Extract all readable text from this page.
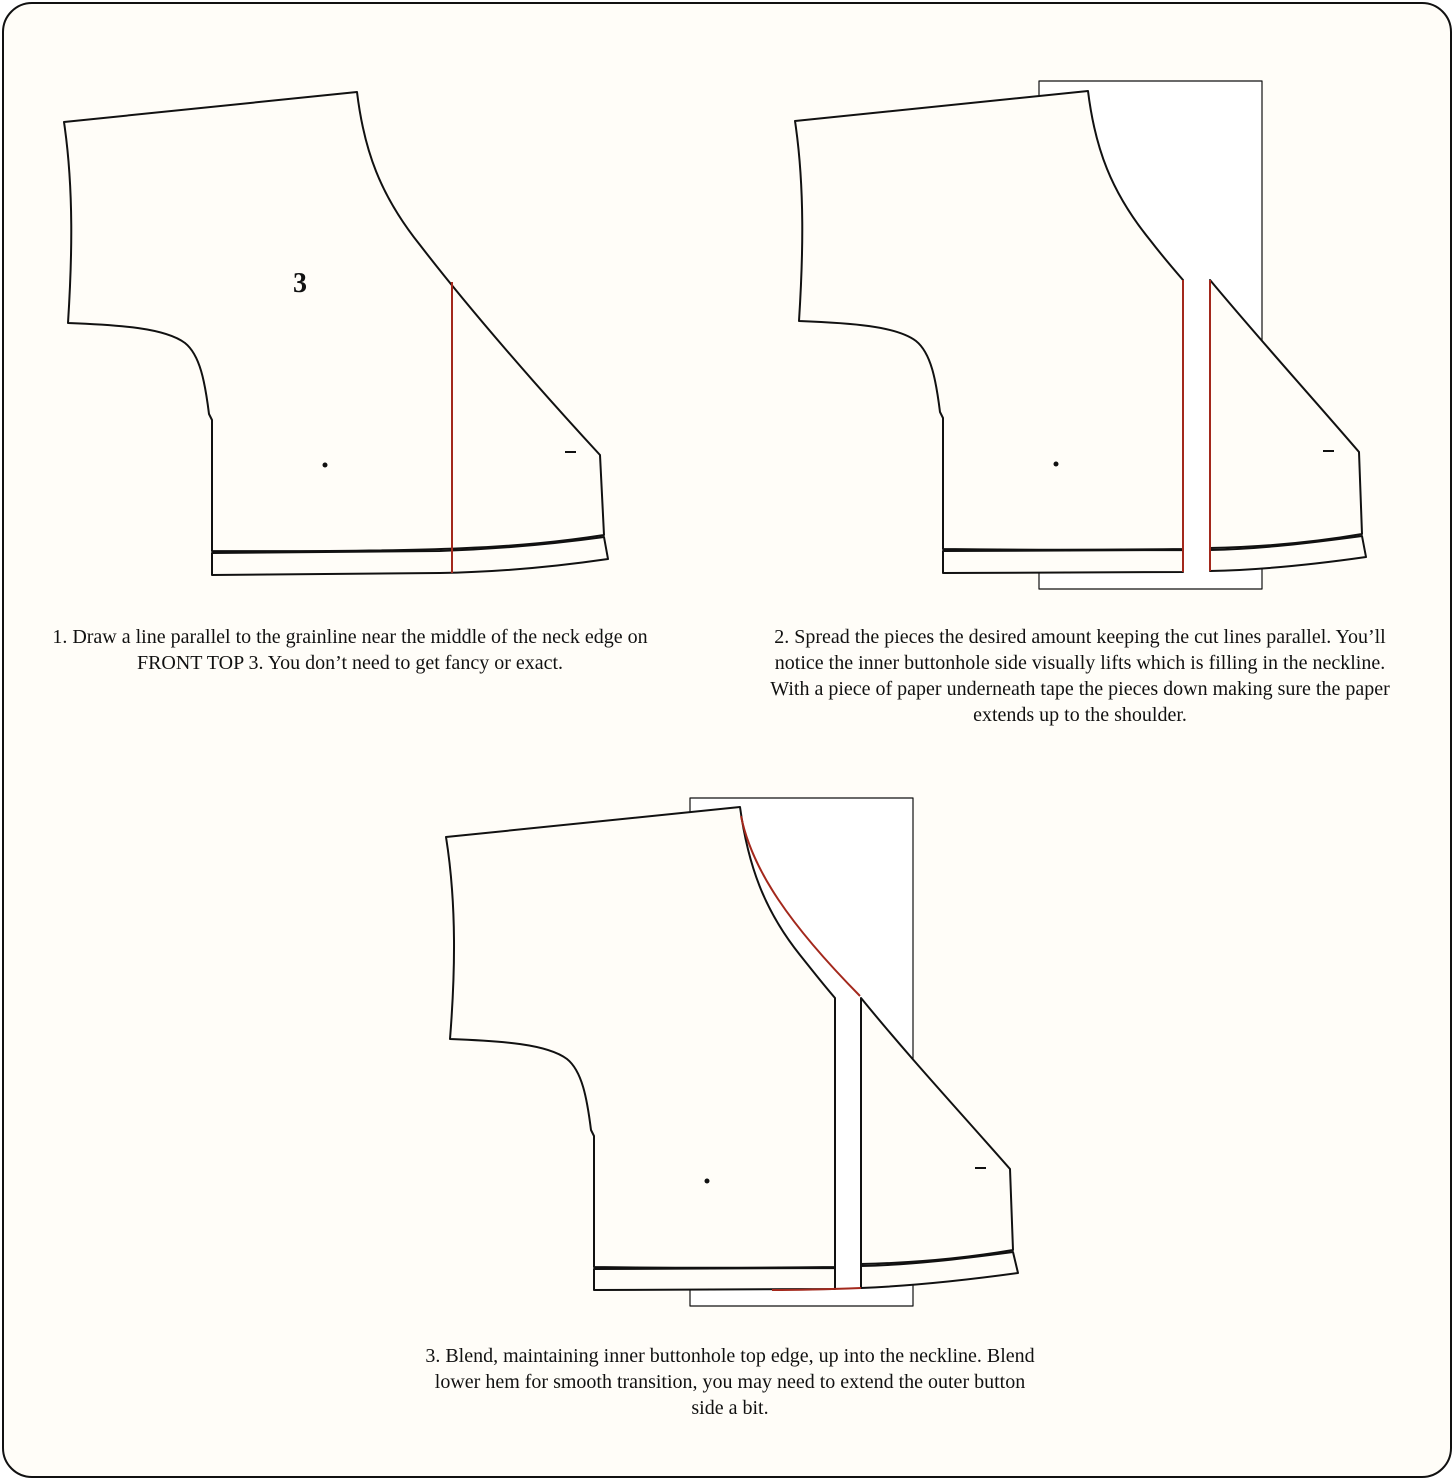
3

1. Draw a line parallel to the grainline near the middle of the neck edge on FRONT TOP 3. You don’t need to get fancy or exact.

2. Spread the pieces the desired amount keeping the cut lines parallel. You’ll notice the inner buttonhole side visually lifts which is filling in the neckline. With a piece of paper underneath tape the pieces down making sure the paper extends up to the shoulder.

3. Blend, maintaining inner buttonhole top edge, up into the neckline. Blend lower hem for smooth transition, you may need to extend the outer button side a bit.
